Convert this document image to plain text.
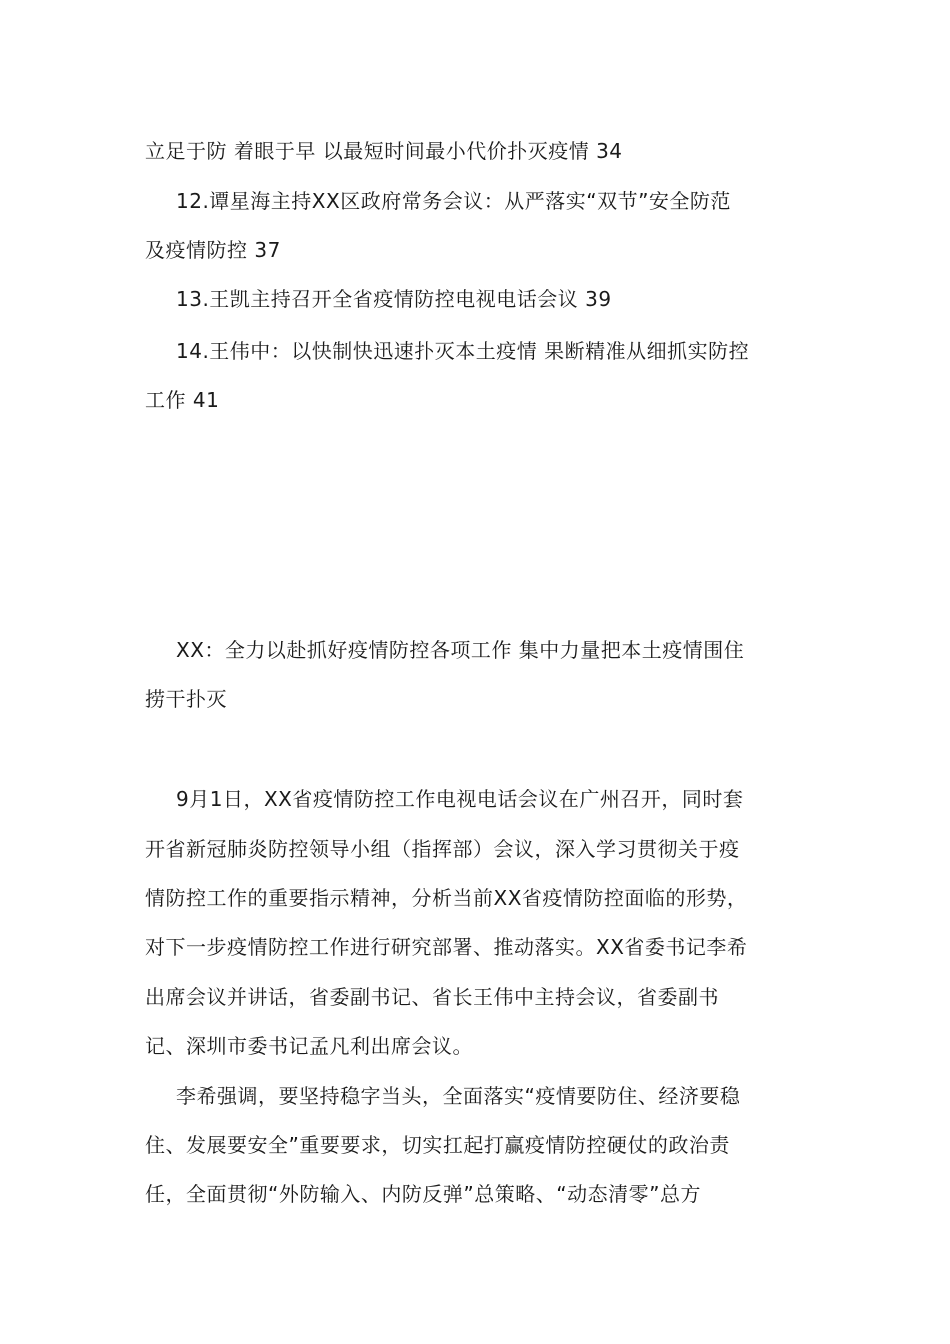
立足于防 着眼于早 以最短时间最小代价扑灭疫情 34
12.谭星海主持XX区政府常务会议：从严落实“双节”安全防范
及疫情防控 37
13.王凯主持召开全省疫情防控电视电话会议 39
14.王伟中：以快制快迅速扑灭本土疫情 果断精准从细抓实防控
工作 41
XX：全力以赴抓好疫情防控各项工作 集中力量把本土疫情围住
捞干扑灭
9月1日，XX省疫情防控工作电视电话会议在广州召开，同时套
开省新冠肺炎防控领导小组（指挥部）会议，深入学习贯彻关于疫
情防控工作的重要指示精神，分析当前XX省疫情防控面临的形势，
对下一步疫情防控工作进行研究部署、推动落实。XX省委书记李希
出席会议并讲话，省委副书记、省长王伟中主持会议，省委副书
记、深圳市委书记孟凡利出席会议。
李希强调，要坚持稳字当头，全面落实“疫情要防住、经济要稳
住、发展要安全”重要要求，切实扛起打赢疫情防控硬仗的政治责
任，全面贯彻“外防输入、内防反弹”总策略、“动态清零”总方
